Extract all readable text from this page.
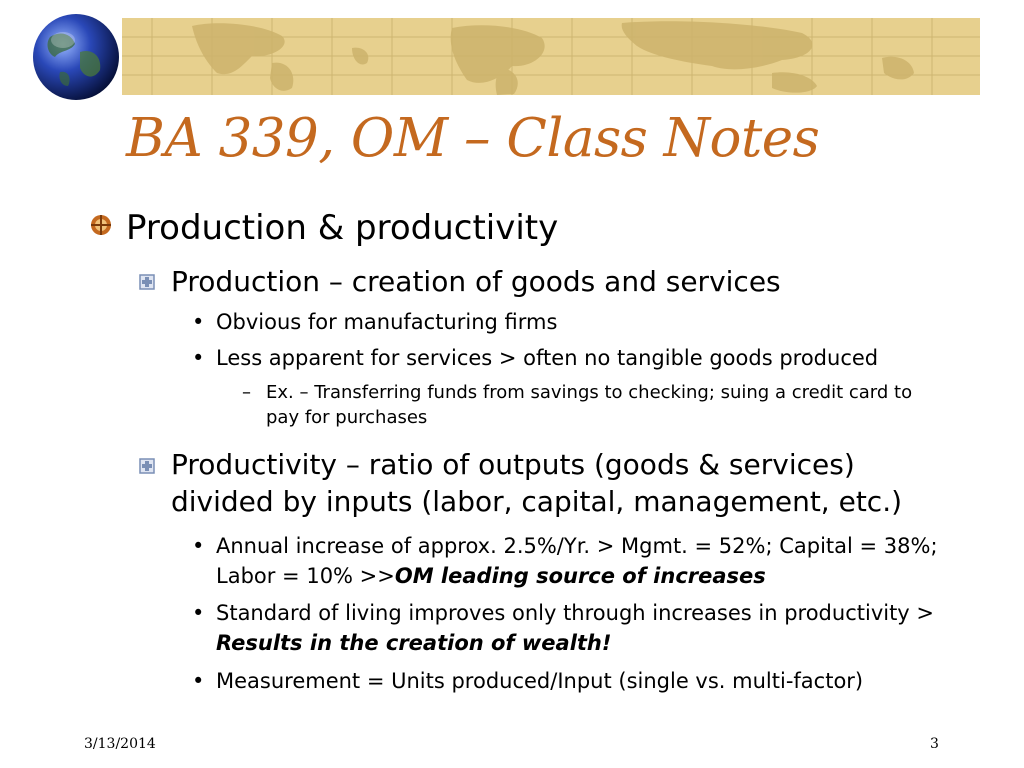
BA 339, OM – Class Notes
Production & productivity
Production – creation of goods and services
• Obvious for manufacturing firms
• Less apparent for services > often no tangible goods produced
– Ex. – Transferring funds from savings to checking; suing a credit card to pay for purchases
Productivity – ratio of outputs (goods & services) divided by inputs (labor, capital, management, etc.)
• Annual increase of approx. 2.5%/Yr. > Mgmt. = 52%; Capital = 38%; Labor = 10% >>OM leading source of increases
• Standard of living improves only through increases in productivity > Results in the creation of wealth!
• Measurement = Units produced/Input (single vs. multi-factor)
3/13/2014	3
